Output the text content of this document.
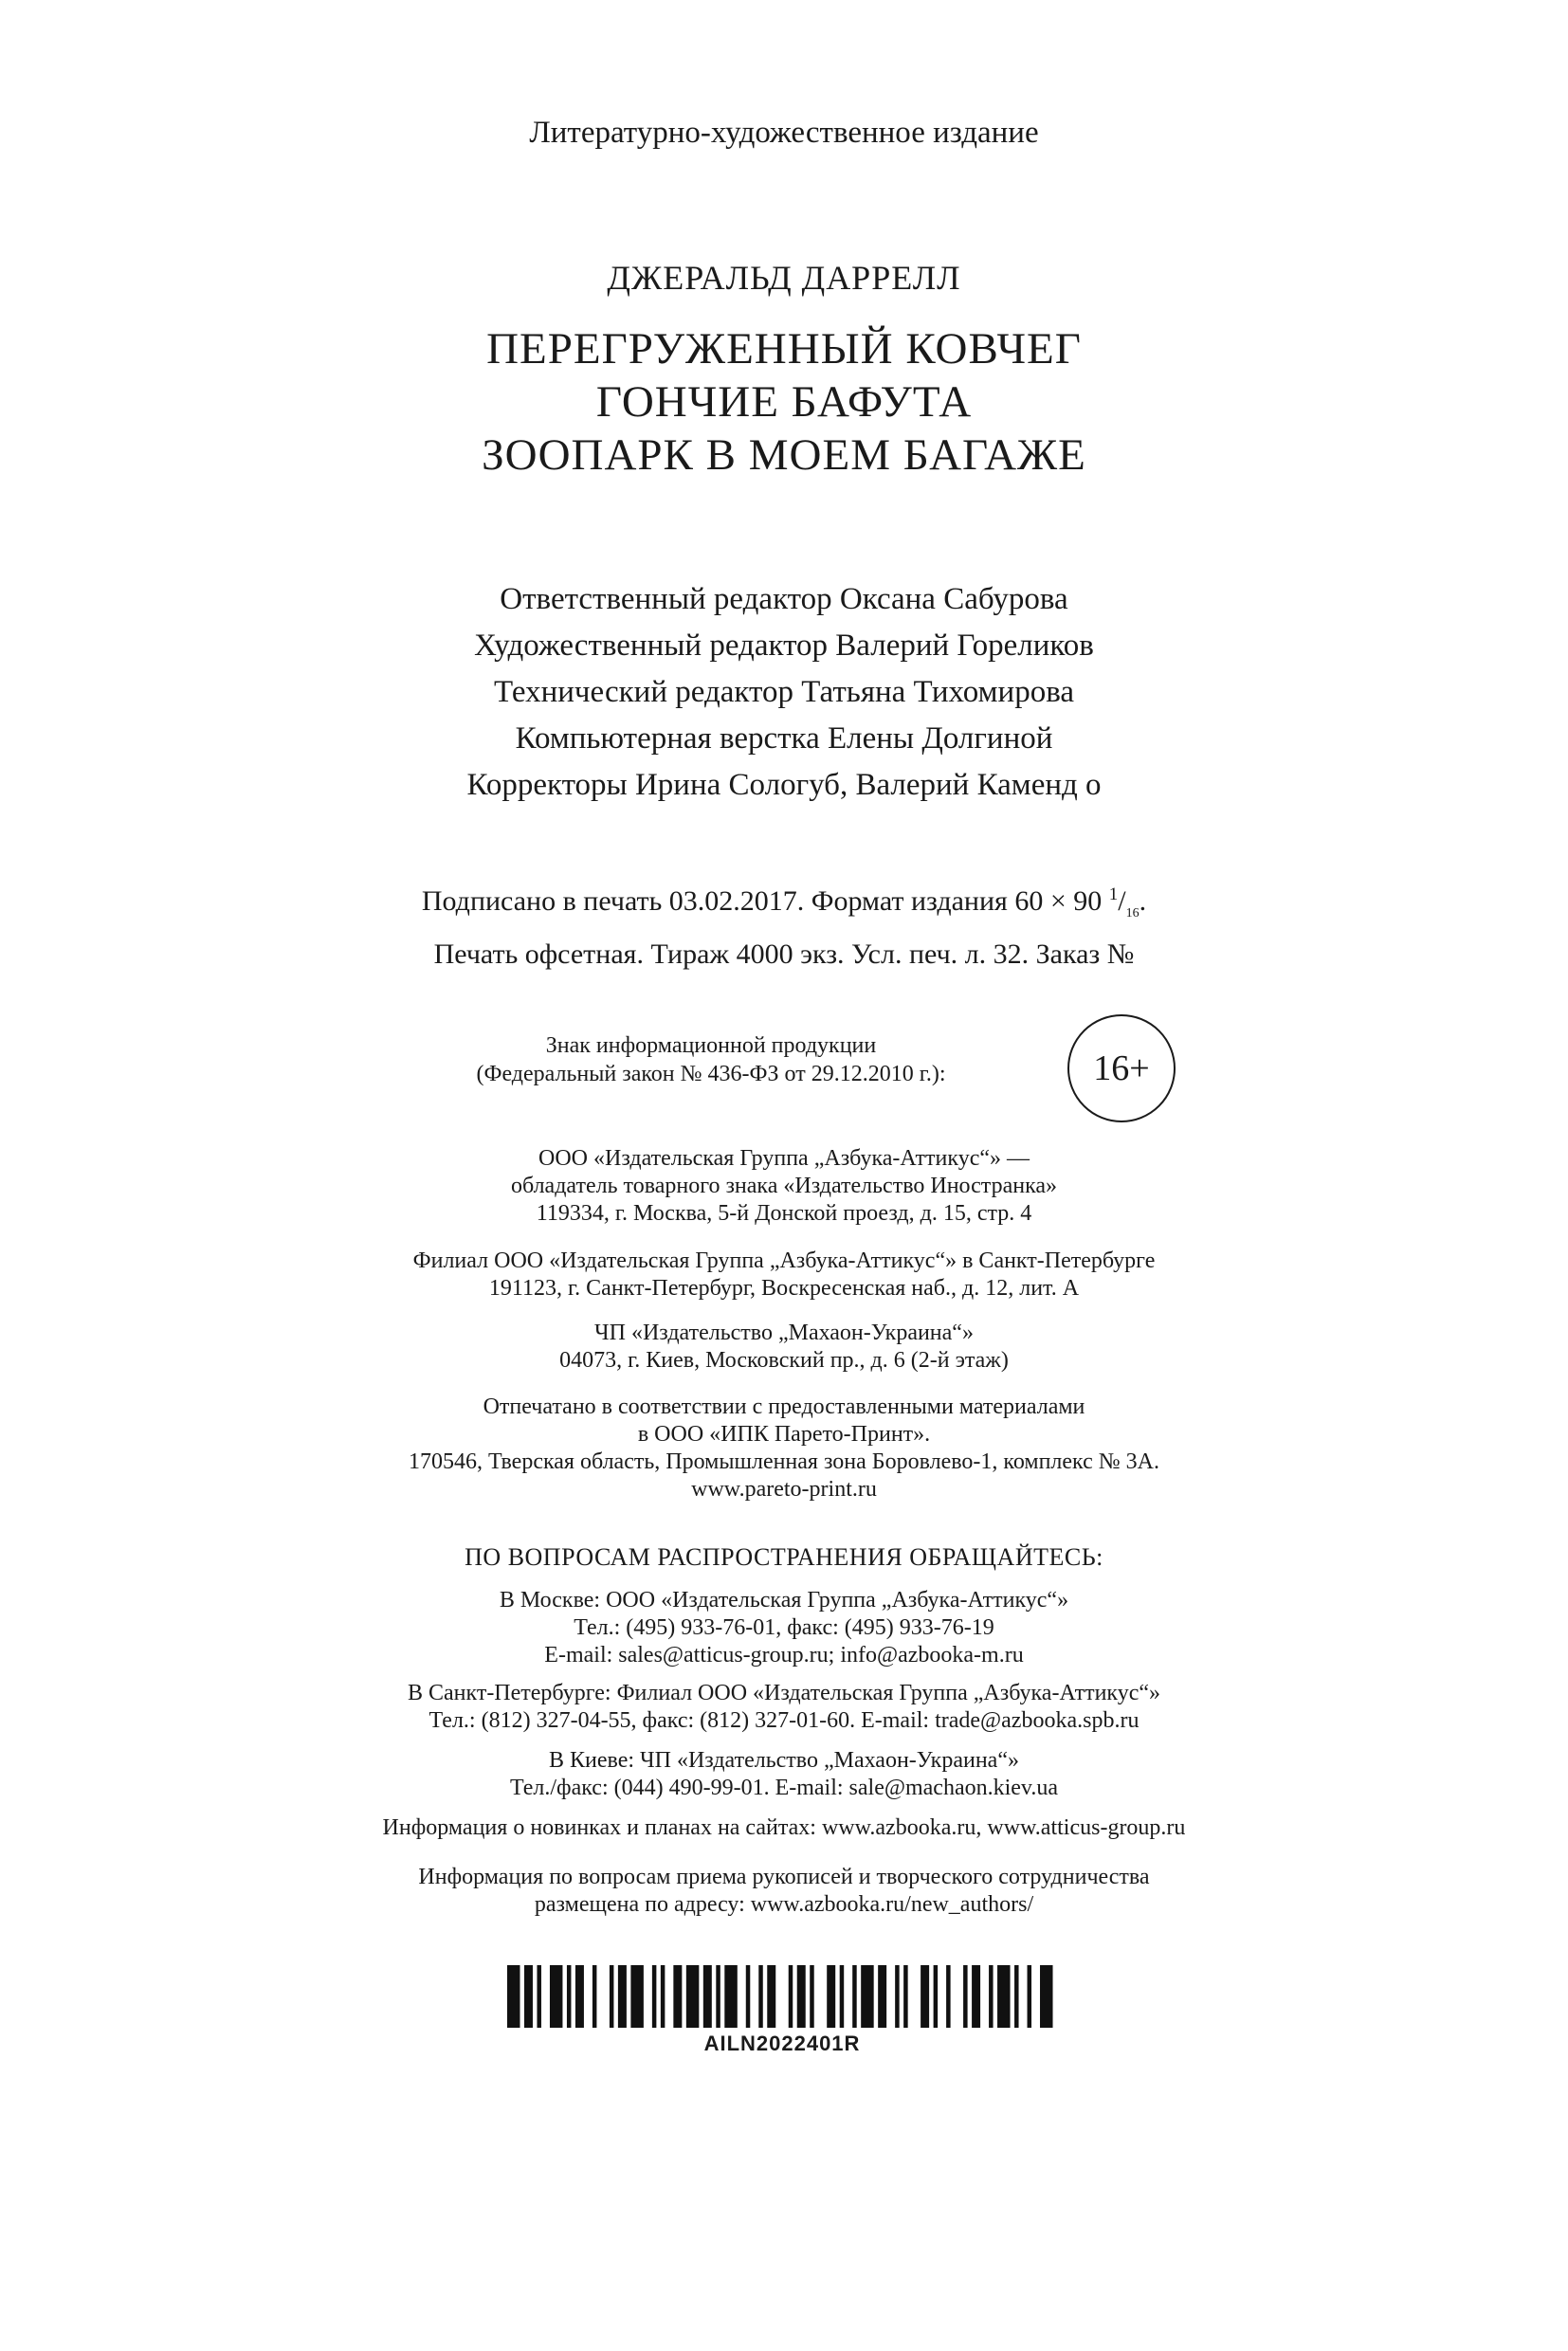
Литературно-художественное издание
ДЖЕРАЛЬД ДАРРЕЛЛ
ПЕРЕГРУЖЕННЫЙ КОВЧЕГ
ГОНЧИЕ БАФУТА
ЗООПАРК В МОЕМ БАГАЖЕ
Ответственный редактор Оксана Сабурова
Художественный редактор Валерий Гореликов
Технический редактор Татьяна Тихомирова
Компьютерная верстка Елены Долгиной
Корректоры Ирина Сологуб, Валерий Каменд о
Подписано в печать 03.02.2017. Формат издания 60 × 90 $^1/_{16}$.
Печать офсетная. Тираж 4000 экз. Усл. печ. л. 32. Заказ №
Знак информационной продукции
(Федеральный закон № 436-ФЗ от 29.12.2010 г.):	16+
ООО «Издательская Группа „Азбука-Аттикус“» —
обладатель товарного знака «Издательство Иностранка»
119334, г. Москва, 5-й Донской проезд, д. 15, стр. 4
Филиал ООО «Издательская Группа „Азбука-Аттикус“» в Санкт-Петербурге
191123, г. Санкт-Петербург, Воскресенская наб., д. 12, лит. А
ЧП «Издательство „Махаон-Украина“»
04073, г. Киев, Московский пр., д. 6 (2-й этаж)
Отпечатано в соответствии с предоставленными материалами
в ООО «ИПК Парето-Принт».
170546, Тверская область, Промышленная зона Боровлево-1, комплекс № 3А.
www.pareto-print.ru
ПО ВОПРОСАМ РАСПРОСТРАНЕНИЯ ОБРАЩАЙТЕСЬ:
В Москве: ООО «Издательская Группа „Азбука-Аттикус“»
Тел.: (495) 933-76-01, факс: (495) 933-76-19
E-mail: sales@atticus-group.ru; info@azbooka-m.ru
В Санкт-Петербурге: Филиал ООО «Издательская Группа „Азбука-Аттикус“»
Тел.: (812) 327-04-55, факс: (812) 327-01-60. E-mail: trade@azbooka.spb.ru
В Киеве: ЧП «Издательство „Махаон-Украина“»
Тел./факс: (044) 490-99-01. E-mail: sale@machaon.kiev.ua
Информация о новинках и планах на сайтах: www.azbooka.ru, www.atticus-group.ru
Информация по вопросам приема рукописей и творческого сотрудничества
размещена по адресу: www.azbooka.ru/new_authors/
AILN2022401R
